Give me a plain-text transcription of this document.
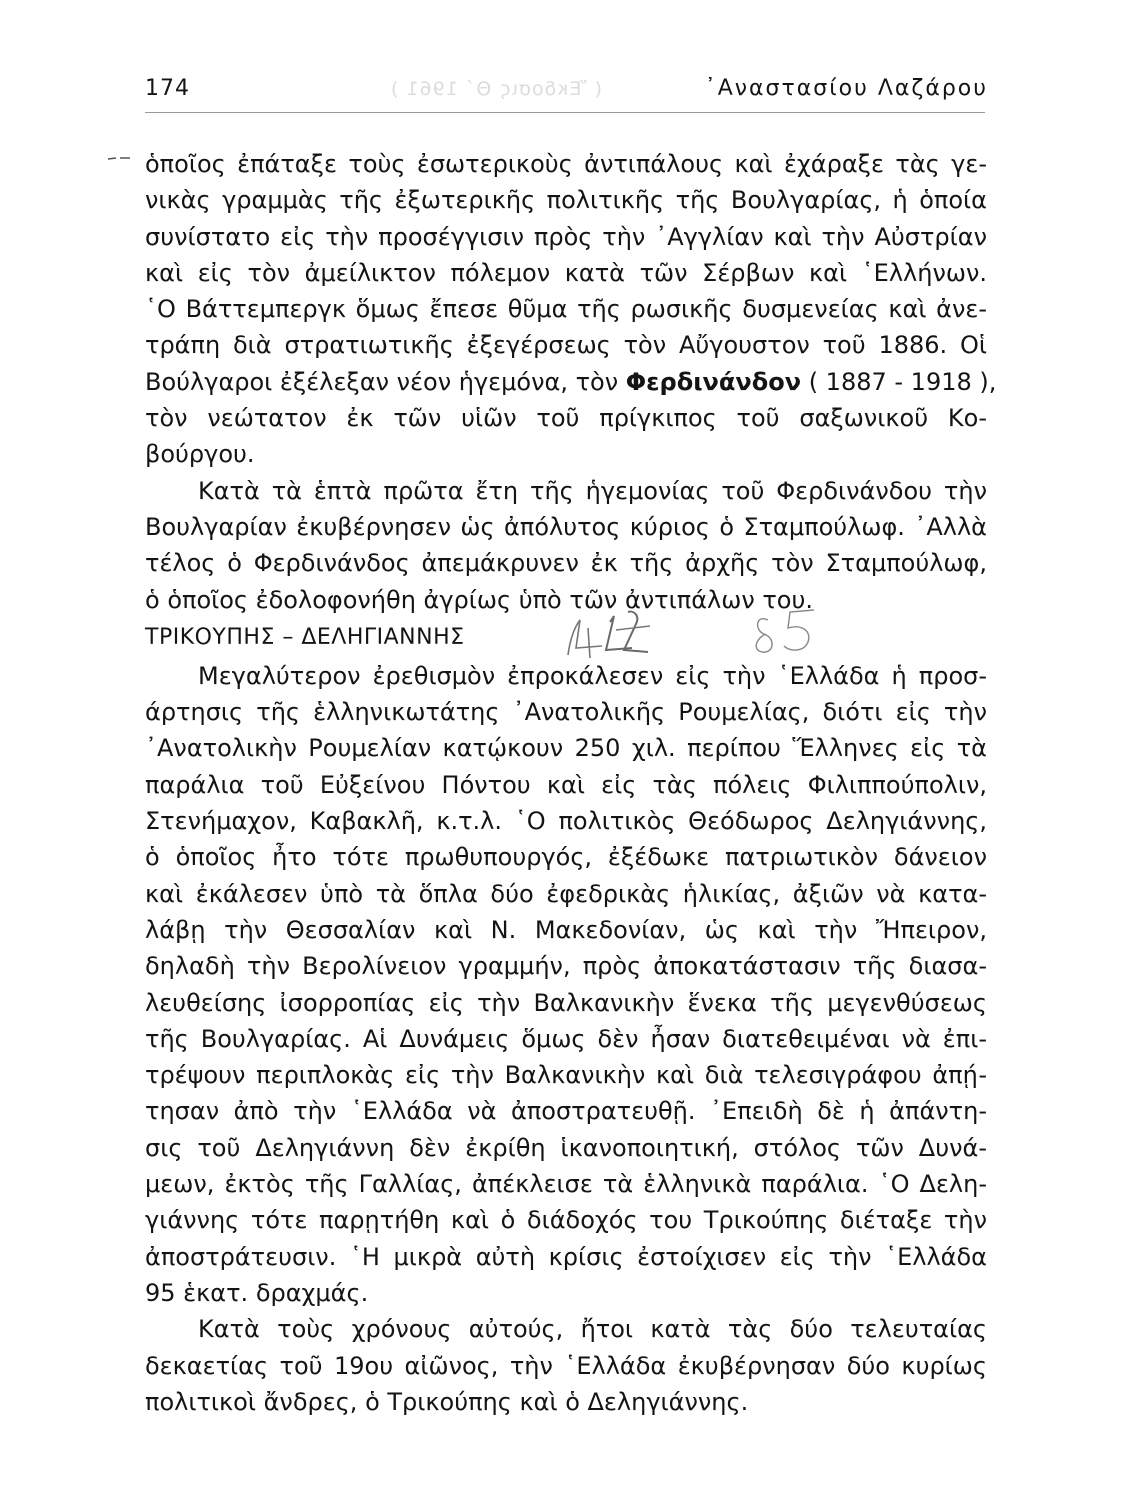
( Ἔκδοσις Θ΄ 1961 )
174	᾿Αναστασίου Λαζάρου
ὁποῖος ἐπάταξε τοὺς ἐσωτερικοὺς ἀντιπάλους καὶ ἐχάραξε τὰς γε-
νικὰς γραμμὰς τῆς ἐξωτερικῆς πολιτικῆς τῆς Βουλγαρίας, ἡ ὁποία
συνίστατο εἰς τὴν προσέγγισιν πρὸς τὴν ᾿Αγγλίαν καὶ τὴν Αὐστρίαν
καὶ εἰς τὸν ἀμείλικτον πόλεμον κατὰ τῶν Σέρβων καὶ ῾Ελλήνων.
῾Ο Βάττεμπεργκ ὅμως ἔπεσε θῦμα τῆς ρωσικῆς δυσμενείας καὶ ἀνε-
τράπη διὰ στρατιωτικῆς ἐξεγέρσεως τὸν Αὔγουστον τοῦ 1886. Οἱ
Βούλγαροι ἐξέλεξαν νέον ἡγεμόνα, τὸν Φερδινάνδον ( 1887 - 1918 ),
τὸν νεώτατον ἐκ τῶν υἱῶν τοῦ πρίγκιπος τοῦ σαξωνικοῦ Κο-
βούργου.
Κατὰ τὰ ἑπτὰ πρῶτα ἔτη τῆς ἡγεμονίας τοῦ Φερδινάνδου τὴν
Βουλγαρίαν ἐκυβέρνησεν ὡς ἀπόλυτος κύριος ὁ Σταμπούλωφ. ᾿Αλλὰ
τέλος ὁ Φερδινάνδος ἀπεμάκρυνεν ἐκ τῆς ἀρχῆς τὸν Σταμπούλωφ,
ὁ ὁποῖος ἐδολοφονήθη ἀγρίως ὑπὸ τῶν ἀντιπάλων του.
ΤΡΙΚΟΥΠΗΣ – ΔΕΛΗΓΙΑΝΝΗΣ
Μεγαλύτερον ἐρεθισμὸν ἐπροκάλεσεν εἰς τὴν ῾Ελλάδα ἡ προσ-
άρτησις τῆς ἑλληνικωτάτης ᾿Ανατολικῆς Ρουμελίας, διότι εἰς τὴν
᾿Ανατολικὴν Ρουμελίαν κατῴκουν 250 χιλ. περίπου Ἕλληνες εἰς τὰ
παράλια τοῦ Εὐξείνου Πόντου καὶ εἰς τὰς πόλεις Φιλιππούπολιν,
Στενήμαχον, Καβακλῆ, κ.τ.λ. ῾Ο πολιτικὸς Θεόδωρος Δεληγιάννης,
ὁ ὁποῖος ἦτο τότε πρωθυπουργός, ἐξέδωκε πατριωτικὸν δάνειον
καὶ ἐκάλεσεν ὑπὸ τὰ ὅπλα δύο ἐφεδρικὰς ἡλικίας, ἀξιῶν νὰ κατα-
λάβῃ τὴν Θεσσαλίαν καὶ Ν. Μακεδονίαν, ὡς καὶ τὴν Ἤπειρον,
δηλαδὴ τὴν Βερολίνειον γραμμήν, πρὸς ἀποκατάστασιν τῆς διασα-
λευθείσης ἰσορροπίας εἰς τὴν Βαλκανικὴν ἕνεκα τῆς μεγενθύσεως
τῆς Βουλγαρίας. Αἱ Δυνάμεις ὅμως δὲν ἦσαν διατεθειμέναι νὰ ἐπι-
τρέψουν περιπλοκὰς εἰς τὴν Βαλκανικὴν καὶ διὰ τελεσιγράφου ἀπῄ-
τησαν ἀπὸ τὴν ῾Ελλάδα νὰ ἀποστρατευθῇ. ᾿Επειδὴ δὲ ἡ ἀπάντη-
σις τοῦ Δεληγιάννη δὲν ἐκρίθη ἱκανοποιητική, στόλος τῶν Δυνά-
μεων, ἐκτὸς τῆς Γαλλίας, ἀπέκλεισε τὰ ἑλληνικὰ παράλια. ῾Ο Δελη-
γιάννης τότε παρῃτήθη καὶ ὁ διάδοχός του Τρικούπης διέταξε τὴν
ἀποστράτευσιν. ῾Η μικρὰ αὐτὴ κρίσις ἐστοίχισεν εἰς τὴν ῾Ελλάδα
95 ἑκατ. δραχμάς.
Κατὰ τοὺς χρόνους αὐτούς, ἤτοι κατὰ τὰς δύο τελευταίας
δεκαετίας τοῦ 19ου αἰῶνος, τὴν ῾Ελλάδα ἐκυβέρνησαν δύο κυρίως
πολιτικοὶ ἄνδρες, ὁ Τρικούπης καὶ ὁ Δεληγιάννης.
